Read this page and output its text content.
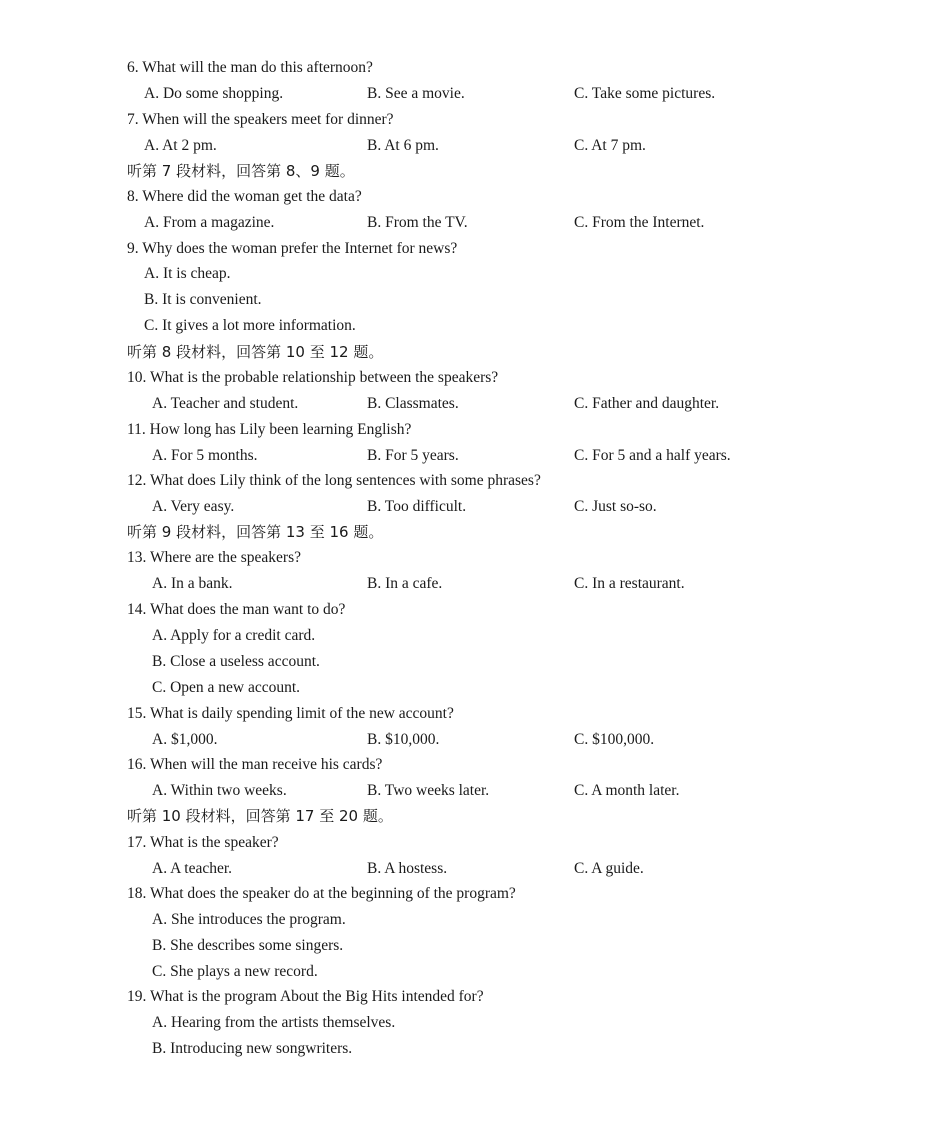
6. What will the man do this afternoon?
A. Do some shopping.	B. See a movie.	C. Take some pictures.
7. When will the speakers meet for dinner?
A. At 2 pm.	B. At 6 pm.	C. At 7 pm.
听第 7 段材料，回答第 8、9 题。
8. Where did the woman get the data?
A. From a magazine.	B. From the TV.	C. From the Internet.
9. Why does the woman prefer the Internet for news?
A. It is cheap.
B. It is convenient.
C. It gives a lot more information.
听第 8 段材料，回答第 10 至 12 题。
10. What is the probable relationship between the speakers?
A. Teacher and student.	B. Classmates.	C. Father and daughter.
11. How long has Lily been learning English?
A. For 5 months.	B. For 5 years.	C. For 5 and a half years.
12. What does Lily think of the long sentences with some phrases?
A. Very easy.	B. Too difficult.	C. Just so-so.
听第 9 段材料，回答第 13 至 16 题。
13. Where are the speakers?
A. In a bank.	B. In a cafe.	C. In a restaurant.
14. What does the man want to do?
A. Apply for a credit card.
B. Close a useless account.
C. Open a new account.
15. What is daily spending limit of the new account?
A. $1,000.	B. $10,000.	C. $100,000.
16. When will the man receive his cards?
A. Within two weeks.	B. Two weeks later.	C. A month later.
听第 10 段材料，回答第 17 至 20 题。
17. What is the speaker?
A. A teacher.	B. A hostess.	C. A guide.
18. What does the speaker do at the beginning of the program?
A. She introduces the program.
B. She describes some singers.
C. She plays a new record.
19. What is the program About the Big Hits intended for?
A. Hearing from the artists themselves.
B. Introducing new songwriters.
